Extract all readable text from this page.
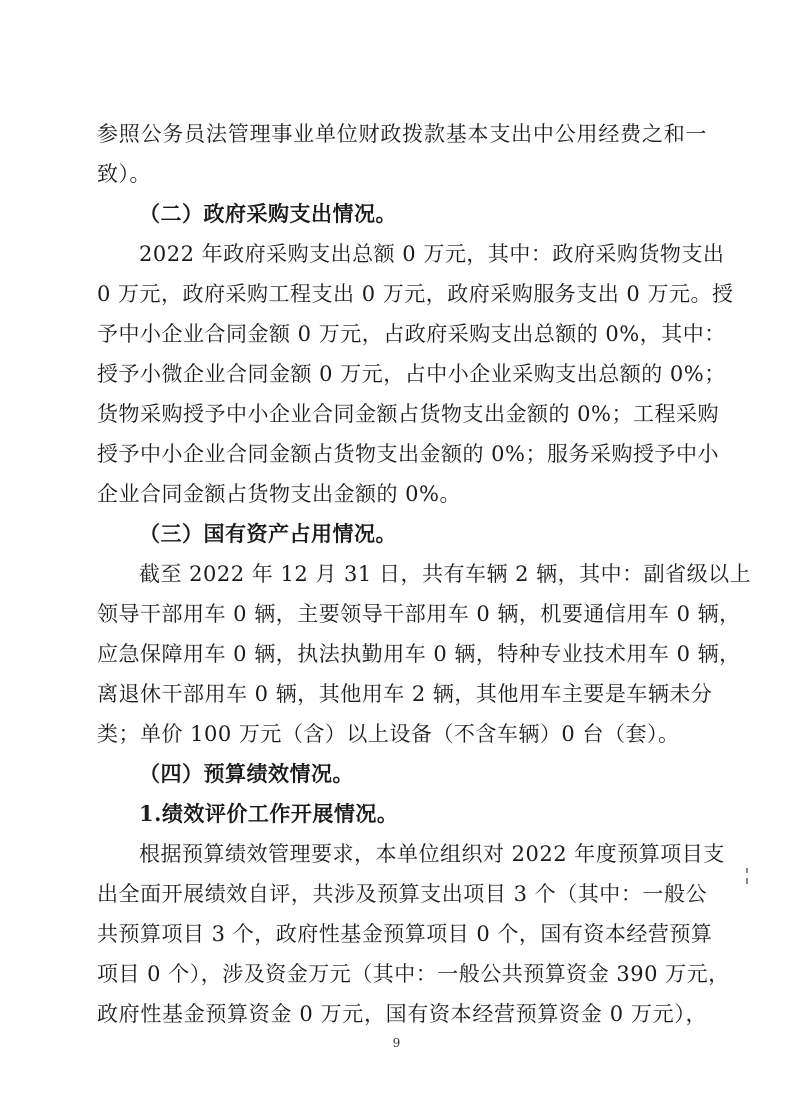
参照公务员法管理事业单位财政拨款基本支出中公用经费之和一
致）。
（二）政府采购支出情况。
2022 年政府采购支出总额 0 万元，其中：政府采购货物支出
0 万元，政府采购工程支出 0 万元，政府采购服务支出 0 万元。授
予中小企业合同金额 0 万元，占政府采购支出总额的 0%，其中：
授予小微企业合同金额 0 万元，占中小企业采购支出总额的 0%；
货物采购授予中小企业合同金额占货物支出金额的 0%；工程采购
授予中小企业合同金额占货物支出金额的 0%；服务采购授予中小
企业合同金额占货物支出金额的 0%。
（三）国有资产占用情况。
截至 2022 年 12 月 31 日，共有车辆 2 辆，其中：副省级以上
领导干部用车 0 辆，主要领导干部用车 0 辆，机要通信用车 0 辆，
应急保障用车 0 辆，执法执勤用车 0 辆，特种专业技术用车 0 辆，
离退休干部用车 0 辆，其他用车 2 辆，其他用车主要是车辆未分
类；单价 100 万元（含）以上设备（不含车辆）0 台（套）。
（四）预算绩效情况。
1.绩效评价工作开展情况。
根据预算绩效管理要求，本单位组织对 2022 年度预算项目支
出全面开展绩效自评，共涉及预算支出项目 3 个（其中：一般公
共预算项目 3 个，政府性基金预算项目 0 个，国有资本经营预算
项目 0 个），涉及资金万元（其中：一般公共预算资金 390 万元，
政府性基金预算资金 0 万元，国有资本经营预算资金 0 万元），
9
